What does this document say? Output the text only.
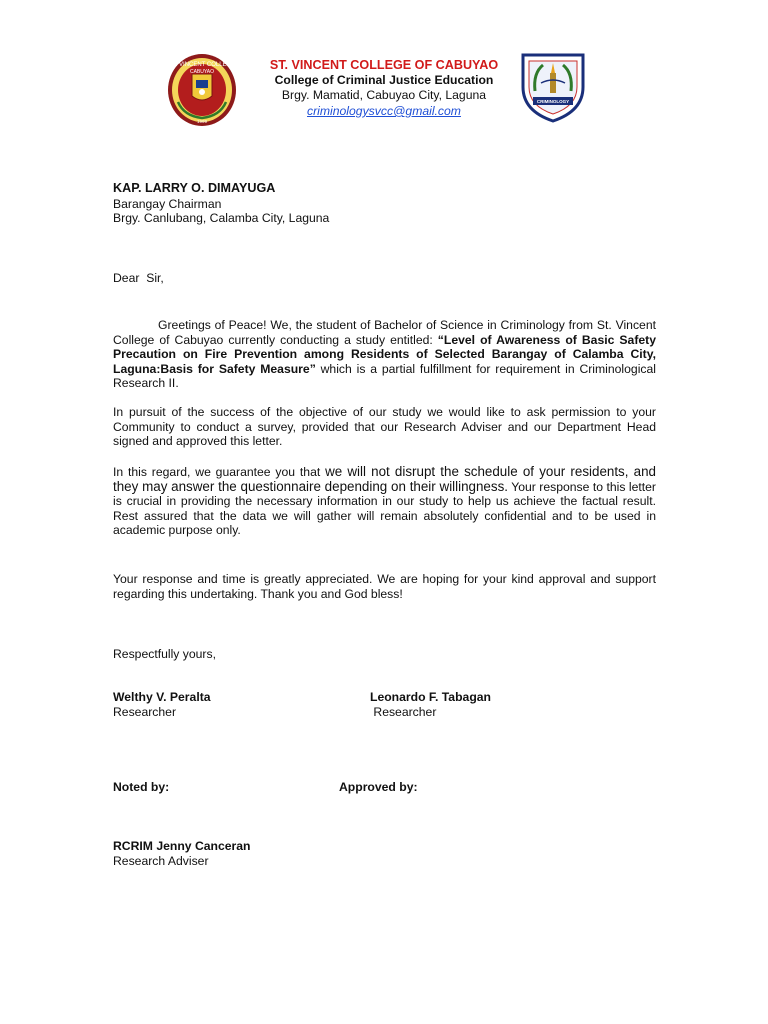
ST. VINCENT COLLEGE
CABUYAO
1999
CRIMINOLOGY
ST. VINCENT COLLEGE OF CABUYAO
College of Criminal Justice Education
Brgy. Mamatid, Cabuyao City, Laguna
criminologysvcc@gmail.com
KAP. LARRY O. DIMAYUGA
Barangay Chairman
Brgy. Canlubang, Calamba City, Laguna
Dear  Sir,
Greetings of Peace! We, the student of Bachelor of Science in Criminology from St. Vincent College of Cabuyao currently conducting a study entitled: “Level of Awareness of Basic Safety Precaution on Fire Prevention among Residents of Selected Barangay of Calamba City, Laguna:Basis for Safety Measure” which is a partial fulfillment for requirement in Criminological Research II.
In pursuit of the success of the objective of our study we would like to ask permission to your Community to conduct a survey, provided that our Research Adviser and our Department Head signed and approved this letter.
In this regard, we guarantee you that we will not disrupt the schedule of your residents, and they may answer the questionnaire depending on their willingness. Your response to this letter is crucial in providing the necessary information in our study to help us achieve the factual result. Rest assured that the data we will gather will remain absolutely confidential and to be used in academic purpose only.
Your response and time is greatly appreciated. We are hoping for your kind approval and support regarding this undertaking. Thank you and God bless!
Respectfully yours,
Welthy V. Peralta
Researcher
Leonardo F. Tabagan
Researcher
Noted by:	Approved by:
RCRIM Jenny Canceran
Research Adviser
